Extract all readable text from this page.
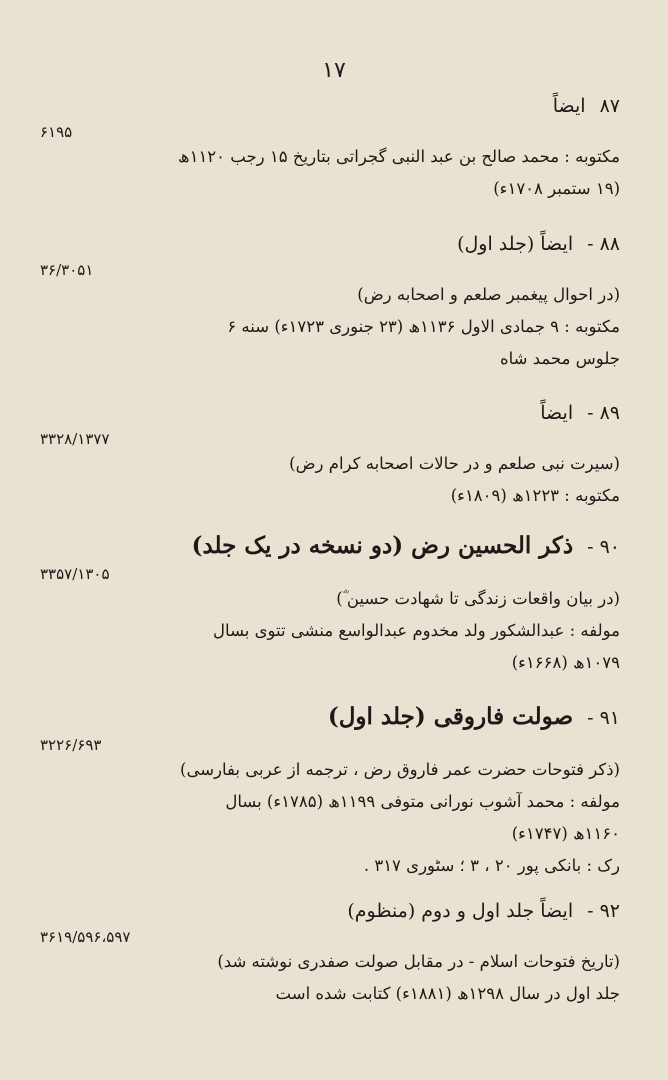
۱۷
ایضاً ۸۷
۶۱۹۵
مکتوبه : محمد صالح بن عبد النبی گجراتی بتاریخ ۱۵ رجب ۱۱۲۰ھ
(۱۹ ستمبر ۱۷۰۸ء)
ایضاً (جلد اول) ۸۸ -
۳۶/۳۰۵۱
(در احوال پیغمبر صلعم و اصحابه رض)
مکتوبه : ۹ جمادی الاول ۱۱۳۶ھ (۲۳ جنوری ۱۷۲۳ء) سنه ۶
جلوس محمد شاه
ایضاً ۸۹ -
۳۳۲۸/۱۳۷۷
(سیرت نبی صلعم و در حالات اصحابه کرام رض)
مکتوبه : ۱۲۲۳ھ (۱۸۰۹ء)
ذکر الحسین رض (دو نسخه در یک جلد) ۹۰ -
۳۳۵۷/۱۳۰۵
(در بیان واقعات زندگی تا شهادت حسین ؓ)
مولفه : عبدالشکور ولد مخدوم عبدالواسع منشی تتوی بسال
۱۰۷۹ھ (۱۶۶۸ء)
صولت فاروقی (جلد اول) ۹۱ -
۳۲۲۶/۶۹۳
(ذکر فتوحات حضرت عمر فاروق رض ، ترجمه از عربی بفارسی)
مولفه : محمد آشوب نورانی متوفی ۱۱۹۹ھ (۱۷۸۵ء) بسال
۱۱۶۰ھ (۱۷۴۷ء)
رک : بانکی پور ۲۰ ، ۳ ؛ سٹوری ۳۱۷ .
ایضاً جلد اول و دوم (منظوم) ۹۲ -
۳۶۱۹/۵۹۶،۵۹۷
(تاریخ فتوحات اسلام - در مقابل صولت صفدری نوشته شد)
جلد اول در سال ۱۲۹۸ھ (۱۸۸۱ء) کتابت شده است
